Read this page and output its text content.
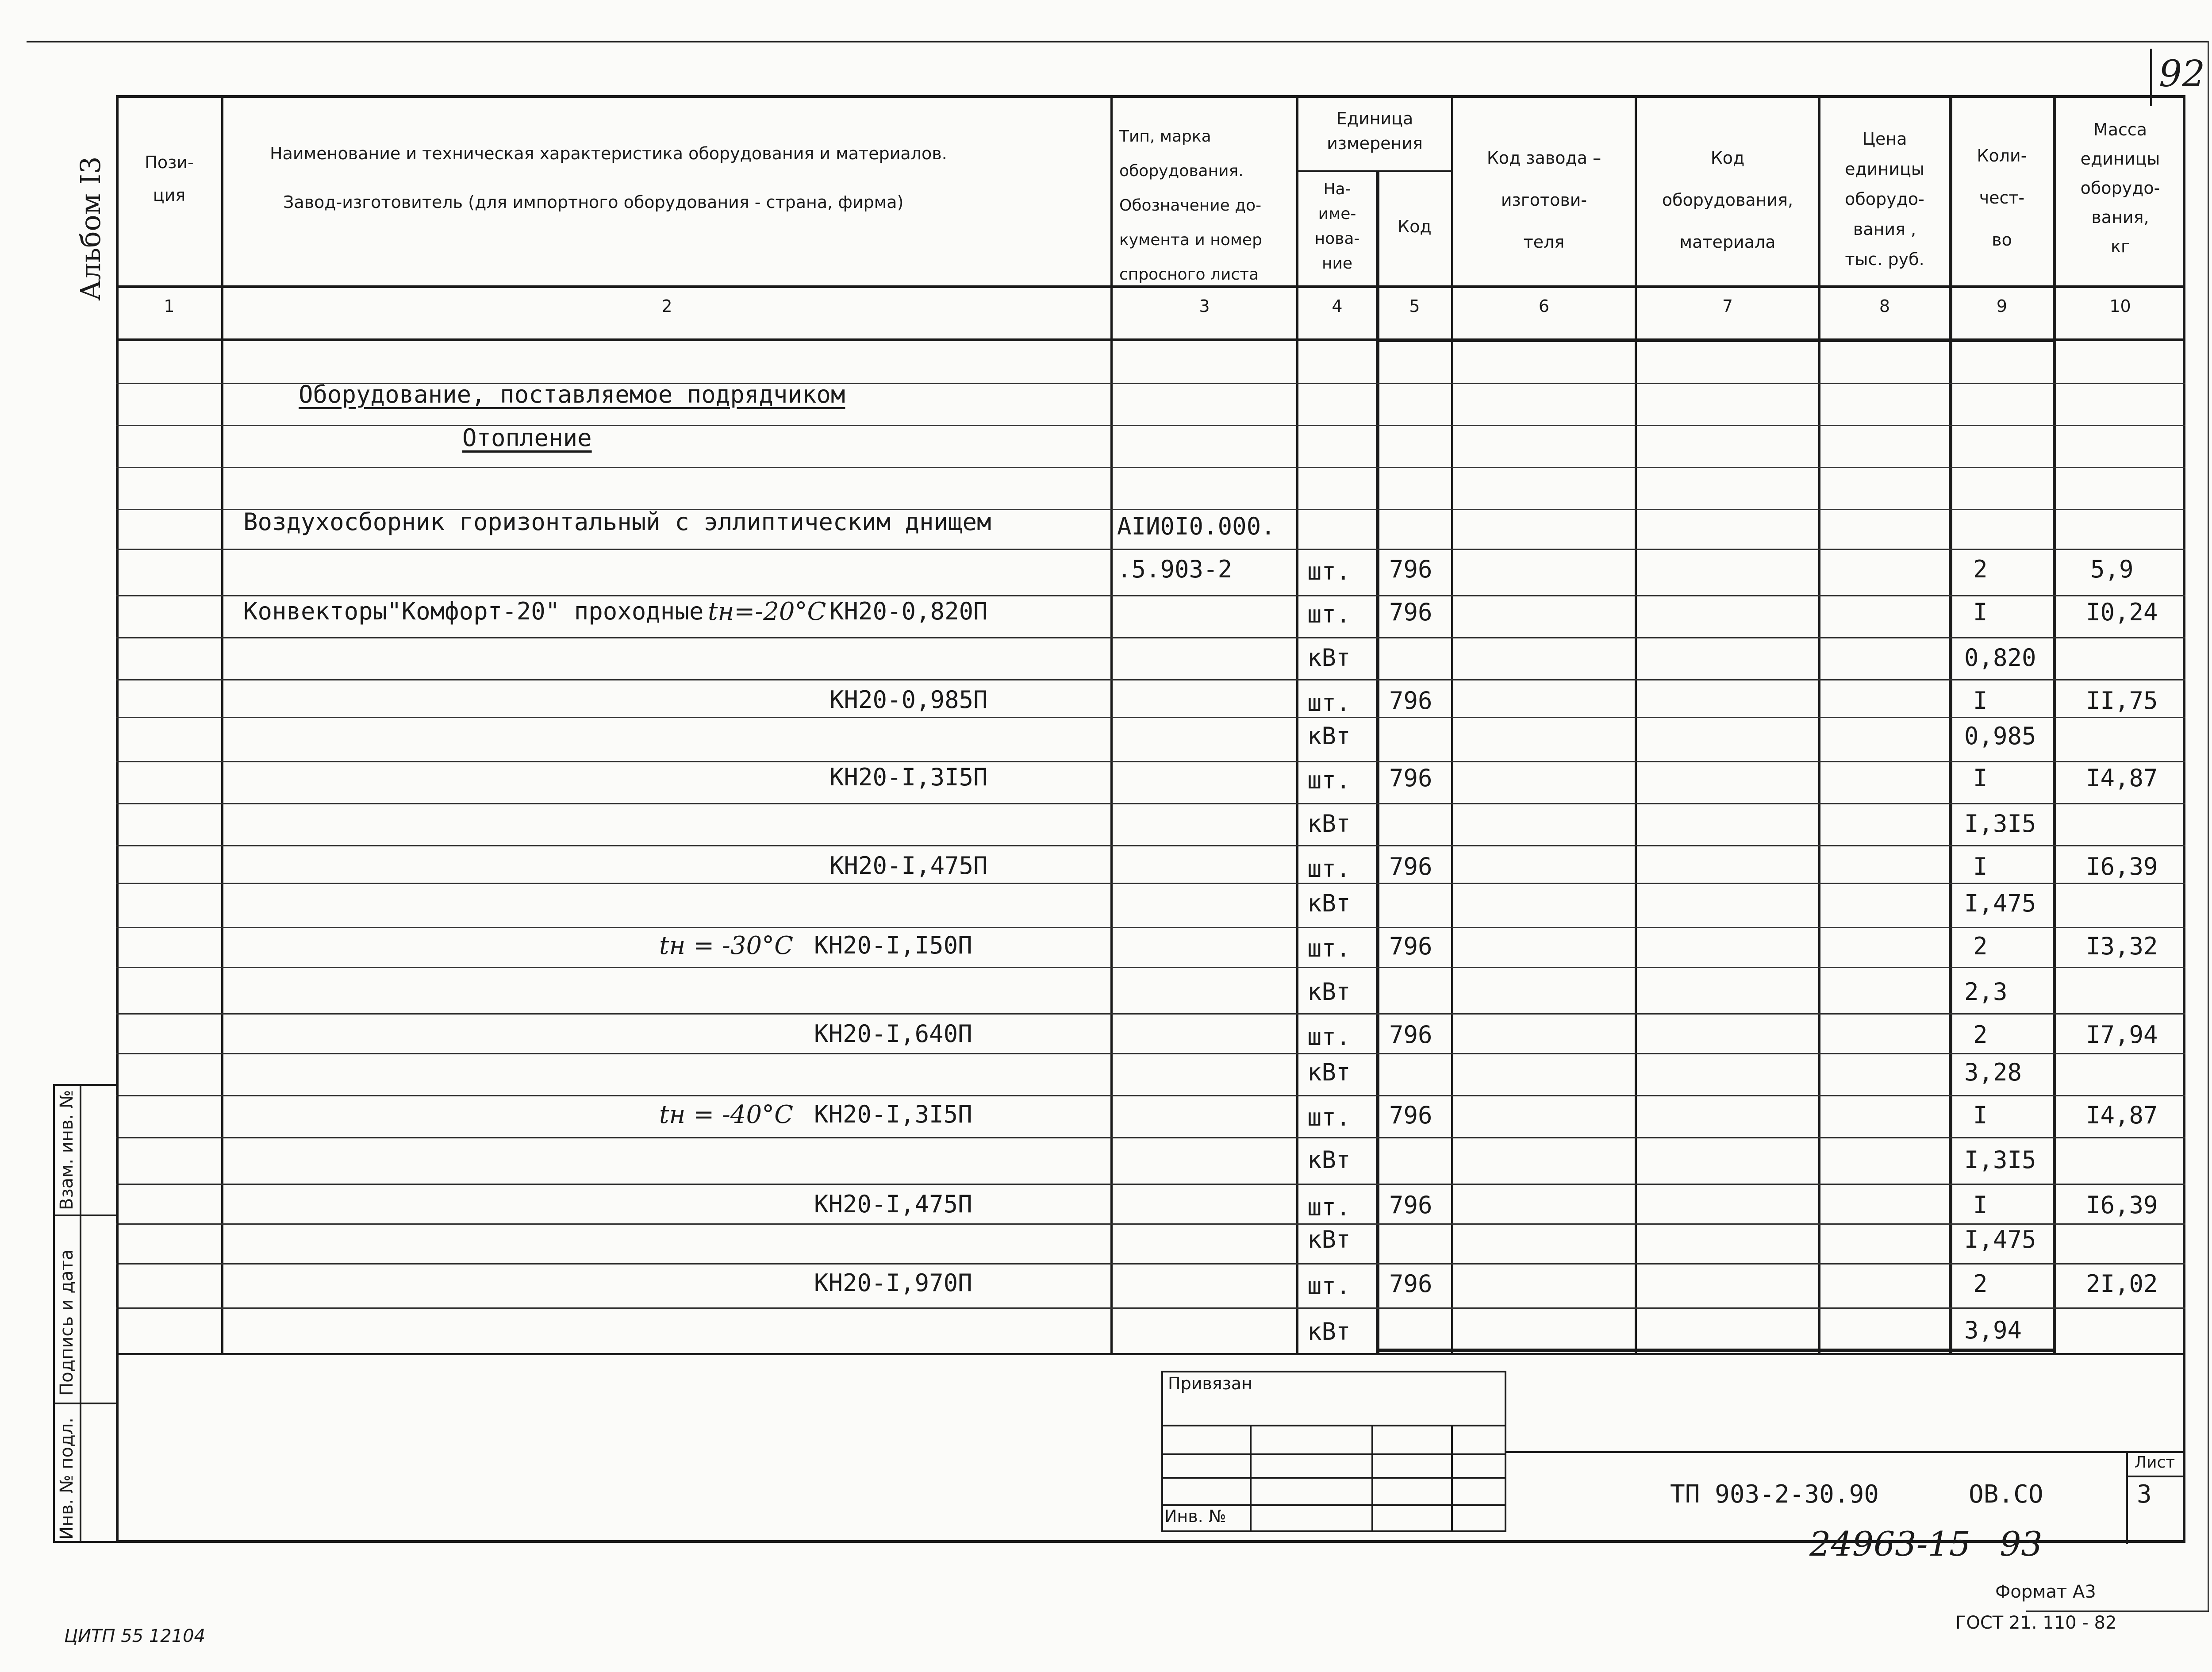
92
Альбом I3	Пози-
ция
Наименование и техническая характеристика оборудования и материалов.
Завод-изготовитель (для импортного оборудования - страна, фирма)
Тип, марка
оборудования.
Обозначение до-
кумента и номер
спросного листа
Единица
измерения
На-
име-
нова-
ние
Код
Код завода –
изготови-
теля
Код
оборудования,
материала
Цена
единицы
оборудо-
вания ,
тыс. руб.
Коли-
чест-
во
Масса
единицы
оборудо-
вания,
кг
1	2	3	4	5	6	7	8	9	10
Оборудование, поставляемое подрядчиком
Отопление
Воздухосборник горизонтальный с эллиптическим днищем	AIИ0I0.000.
.5.903-2	шт. 796	2	5,9
Конвекторы"Комфорт-20" проходные tн=-20°C КН20-0,820П	шт. 796	I	I0,24
кВт	0,820
КН20-0,985П	шт. 796	I	II,75
кВт	0,985
КН20-I,3I5П	шт. 796	I	I4,87
кВт	I,3I5
КН20-I,475П	шт. 796	I	I6,39
кВт	I,475
tн = -30°C КН20-I,I50П	шт. 796	2	I3,32
кВт	2,3
КН20-I,640П	шт. 796	2	I7,94
кВт	3,28
tн = -40°C КН20-I,3I5П	шт. 796	I	I4,87
кВт	I,3I5
КН20-I,475П	шт. 796	I	I6,39
кВт	I,475
КН20-I,970П	шт. 796	2	2I,02
кВт	3,94
Взам. инв. №
Подпись и дата
Инв. № подл.
Привязан
Инв. №
ТП 903-2-30.90	ОВ.СО
Лист
3
24963-15 93
ЦИТП 55 12104
Формат А3
ГОСТ 21. 110 - 82
